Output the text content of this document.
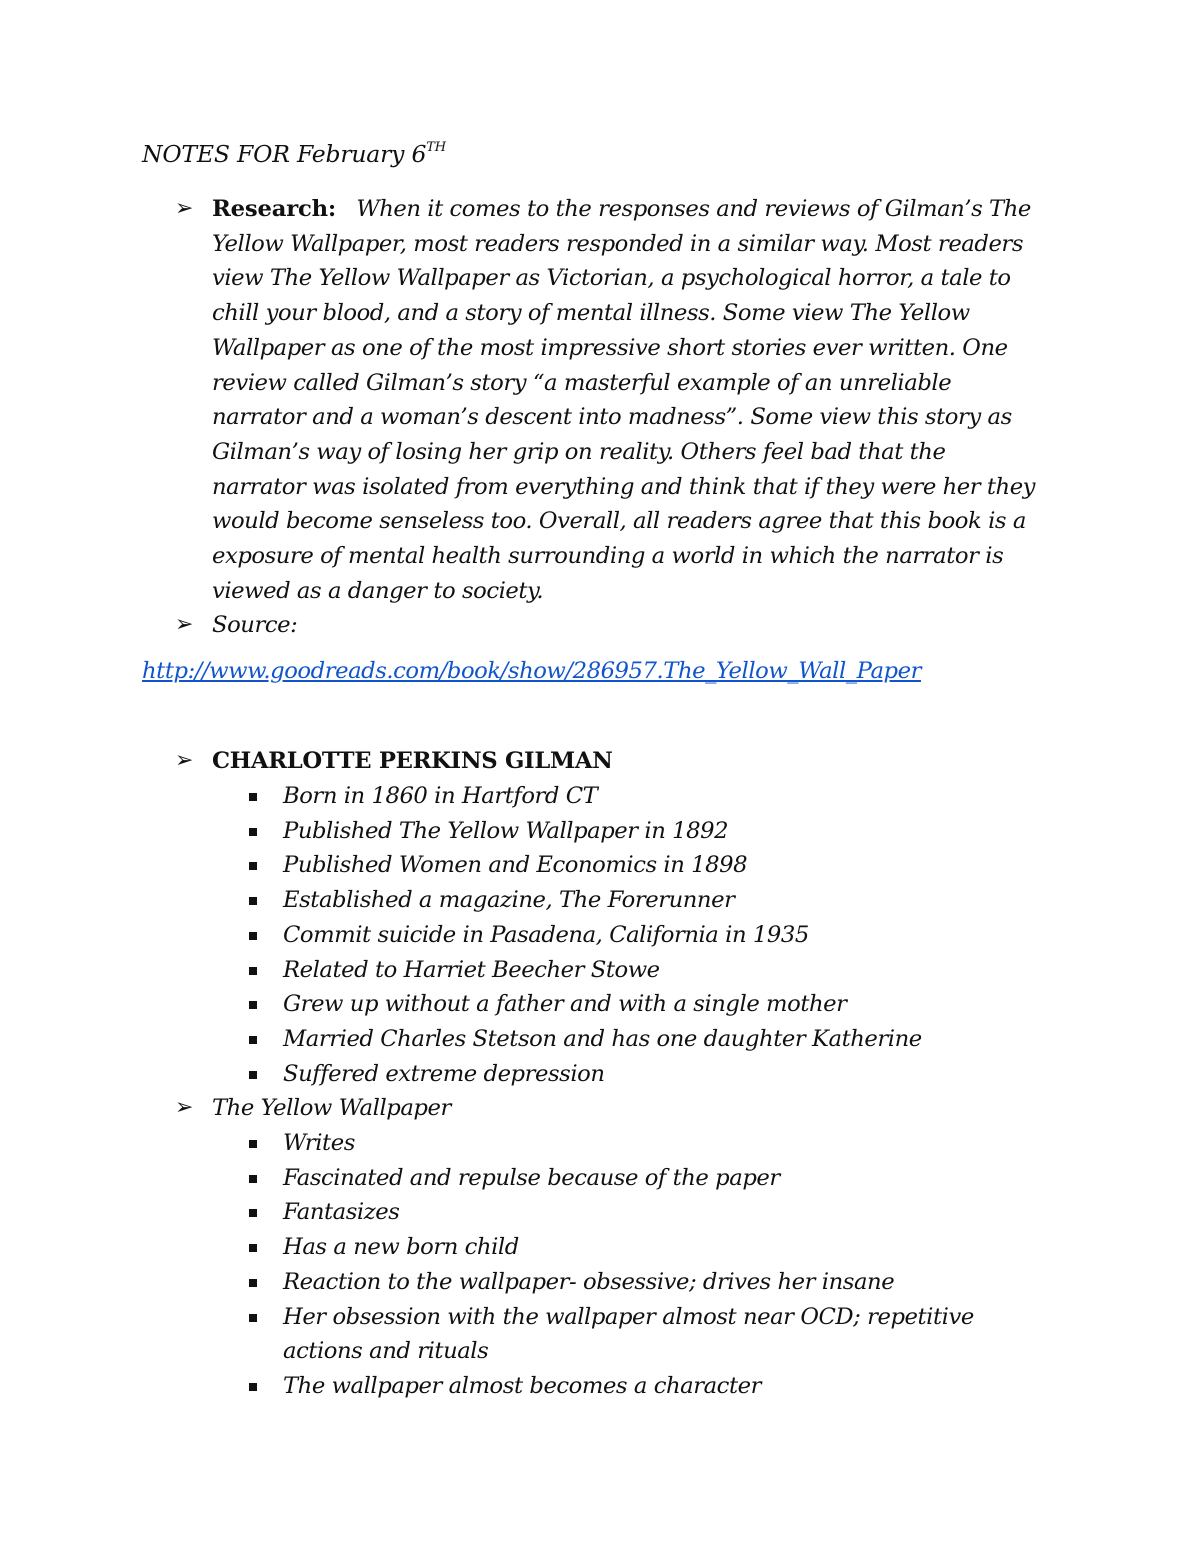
NOTES FOR February 6TH
➢ Research: When it comes to the responses and reviews of Gilman’s The
Yellow Wallpaper, most readers responded in a similar way. Most readers
view The Yellow Wallpaper as Victorian, a psychological horror, a tale to
chill your blood, and a story of mental illness. Some view The Yellow
Wallpaper as one of the most impressive short stories ever written. One
review called Gilman’s story “a masterful example of an unreliable
narrator and a woman’s descent into madness”. Some view this story as
Gilman’s way of losing her grip on reality. Others feel bad that the
narrator was isolated from everything and think that if they were her they
would become senseless too. Overall, all readers agree that this book is a
exposure of mental health surrounding a world in which the narrator is
viewed as a danger to society.
➢ Source:
http://www.goodreads.com/book/show/286957.The_Yellow_Wall_Paper
➢ CHARLOTTE PERKINS GILMAN
Born in 1860 in Hartford CT
Published The Yellow Wallpaper in 1892
Published Women and Economics in 1898
Established a magazine, The Forerunner
Commit suicide in Pasadena, California in 1935
Related to Harriet Beecher Stowe
Grew up without a father and with a single mother
Married Charles Stetson and has one daughter Katherine
Suffered extreme depression
➢ The Yellow Wallpaper
Writes
Fascinated and repulse because of the paper
Fantasizes
Has a new born child
Reaction to the wallpaper- obsessive; drives her insane
Her obsession with the wallpaper almost near OCD; repetitive
actions and rituals
The wallpaper almost becomes a character
